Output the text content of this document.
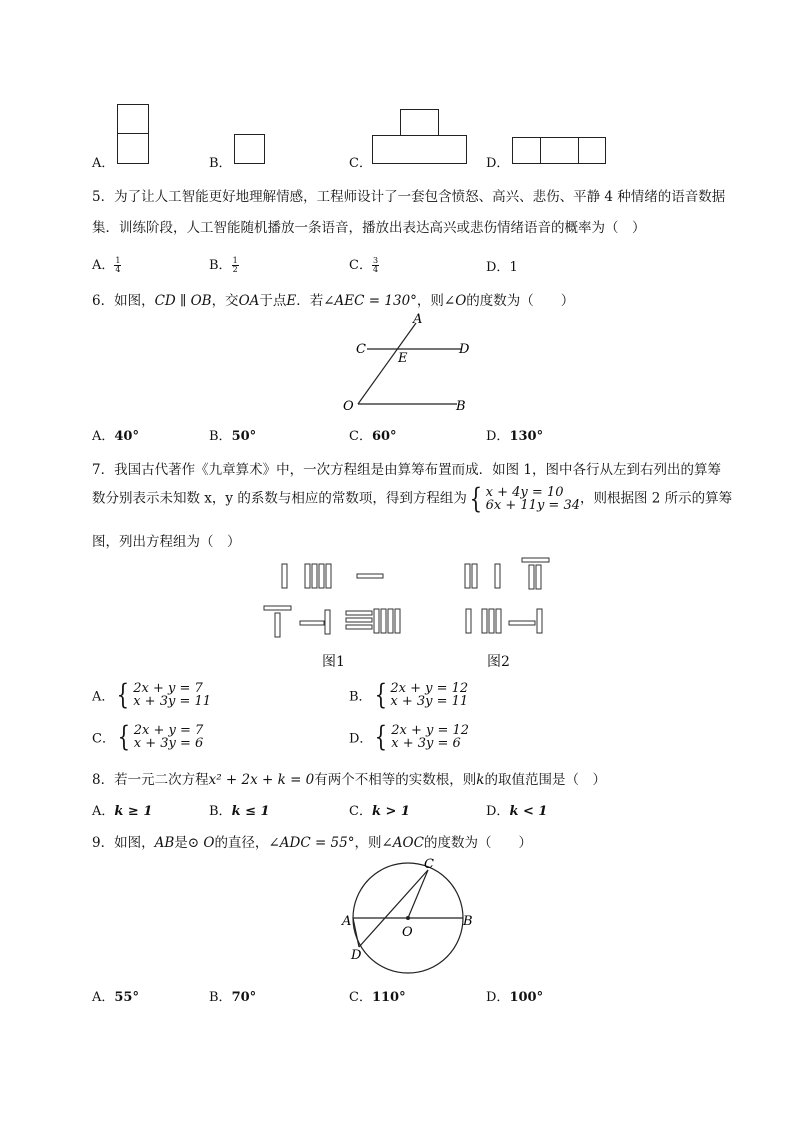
A．	B．	C．	D．
5．为了让人工智能更好地理解情感，工程师设计了一套包含愤怒、高兴、悲伤、平静 4 种情绪的语音数据
集．训练阶段，人工智能随机播放一条语音，播放出表达高兴或悲伤情绪语音的概率为（　）
A． $\frac{1}{4}$	B． $\frac{1}{2}$	C． $\frac{3}{4}$	D．1
6．如图，CD ∥ OB，交OA于点E．若∠AEC = 130°，则∠O的度数为（　　）
A
C
E
D
O	B
A．40°	B．50°	C．60°	D．130°
7．我国古代著作《九章算术》中，一次方程组是由算筹布置而成．如图 1，图中各行从左到右列出的算筹
数分别表示未知数 x，y 的系数与相应的常数项，得到方程组为 { x + 4y = 10
6x + 11y = 34 ，则根据图 2 所示的算筹
图，列出方程组为（　）
图1	图2
A． { 2x + y = 7
x + 3y = 11	B． { 2x + y = 12
x + 3y = 11
C． { 2x + y = 7
x + 3y = 6	D． { 2x + y = 12
x + 3y = 6
8．若一元二次方程x² + 2x + k = 0有两个不相等的实数根，则k的取值范围是（　）
A．k ≥ 1	B．k ≤ 1	C．k > 1	D．k < 1
9．如图，AB是⊙ O的直径，∠ADC = 55°，则∠AOC的度数为（　　）
C
A
O
B
D
A．55°	B．70°	C．110°	D．100°
